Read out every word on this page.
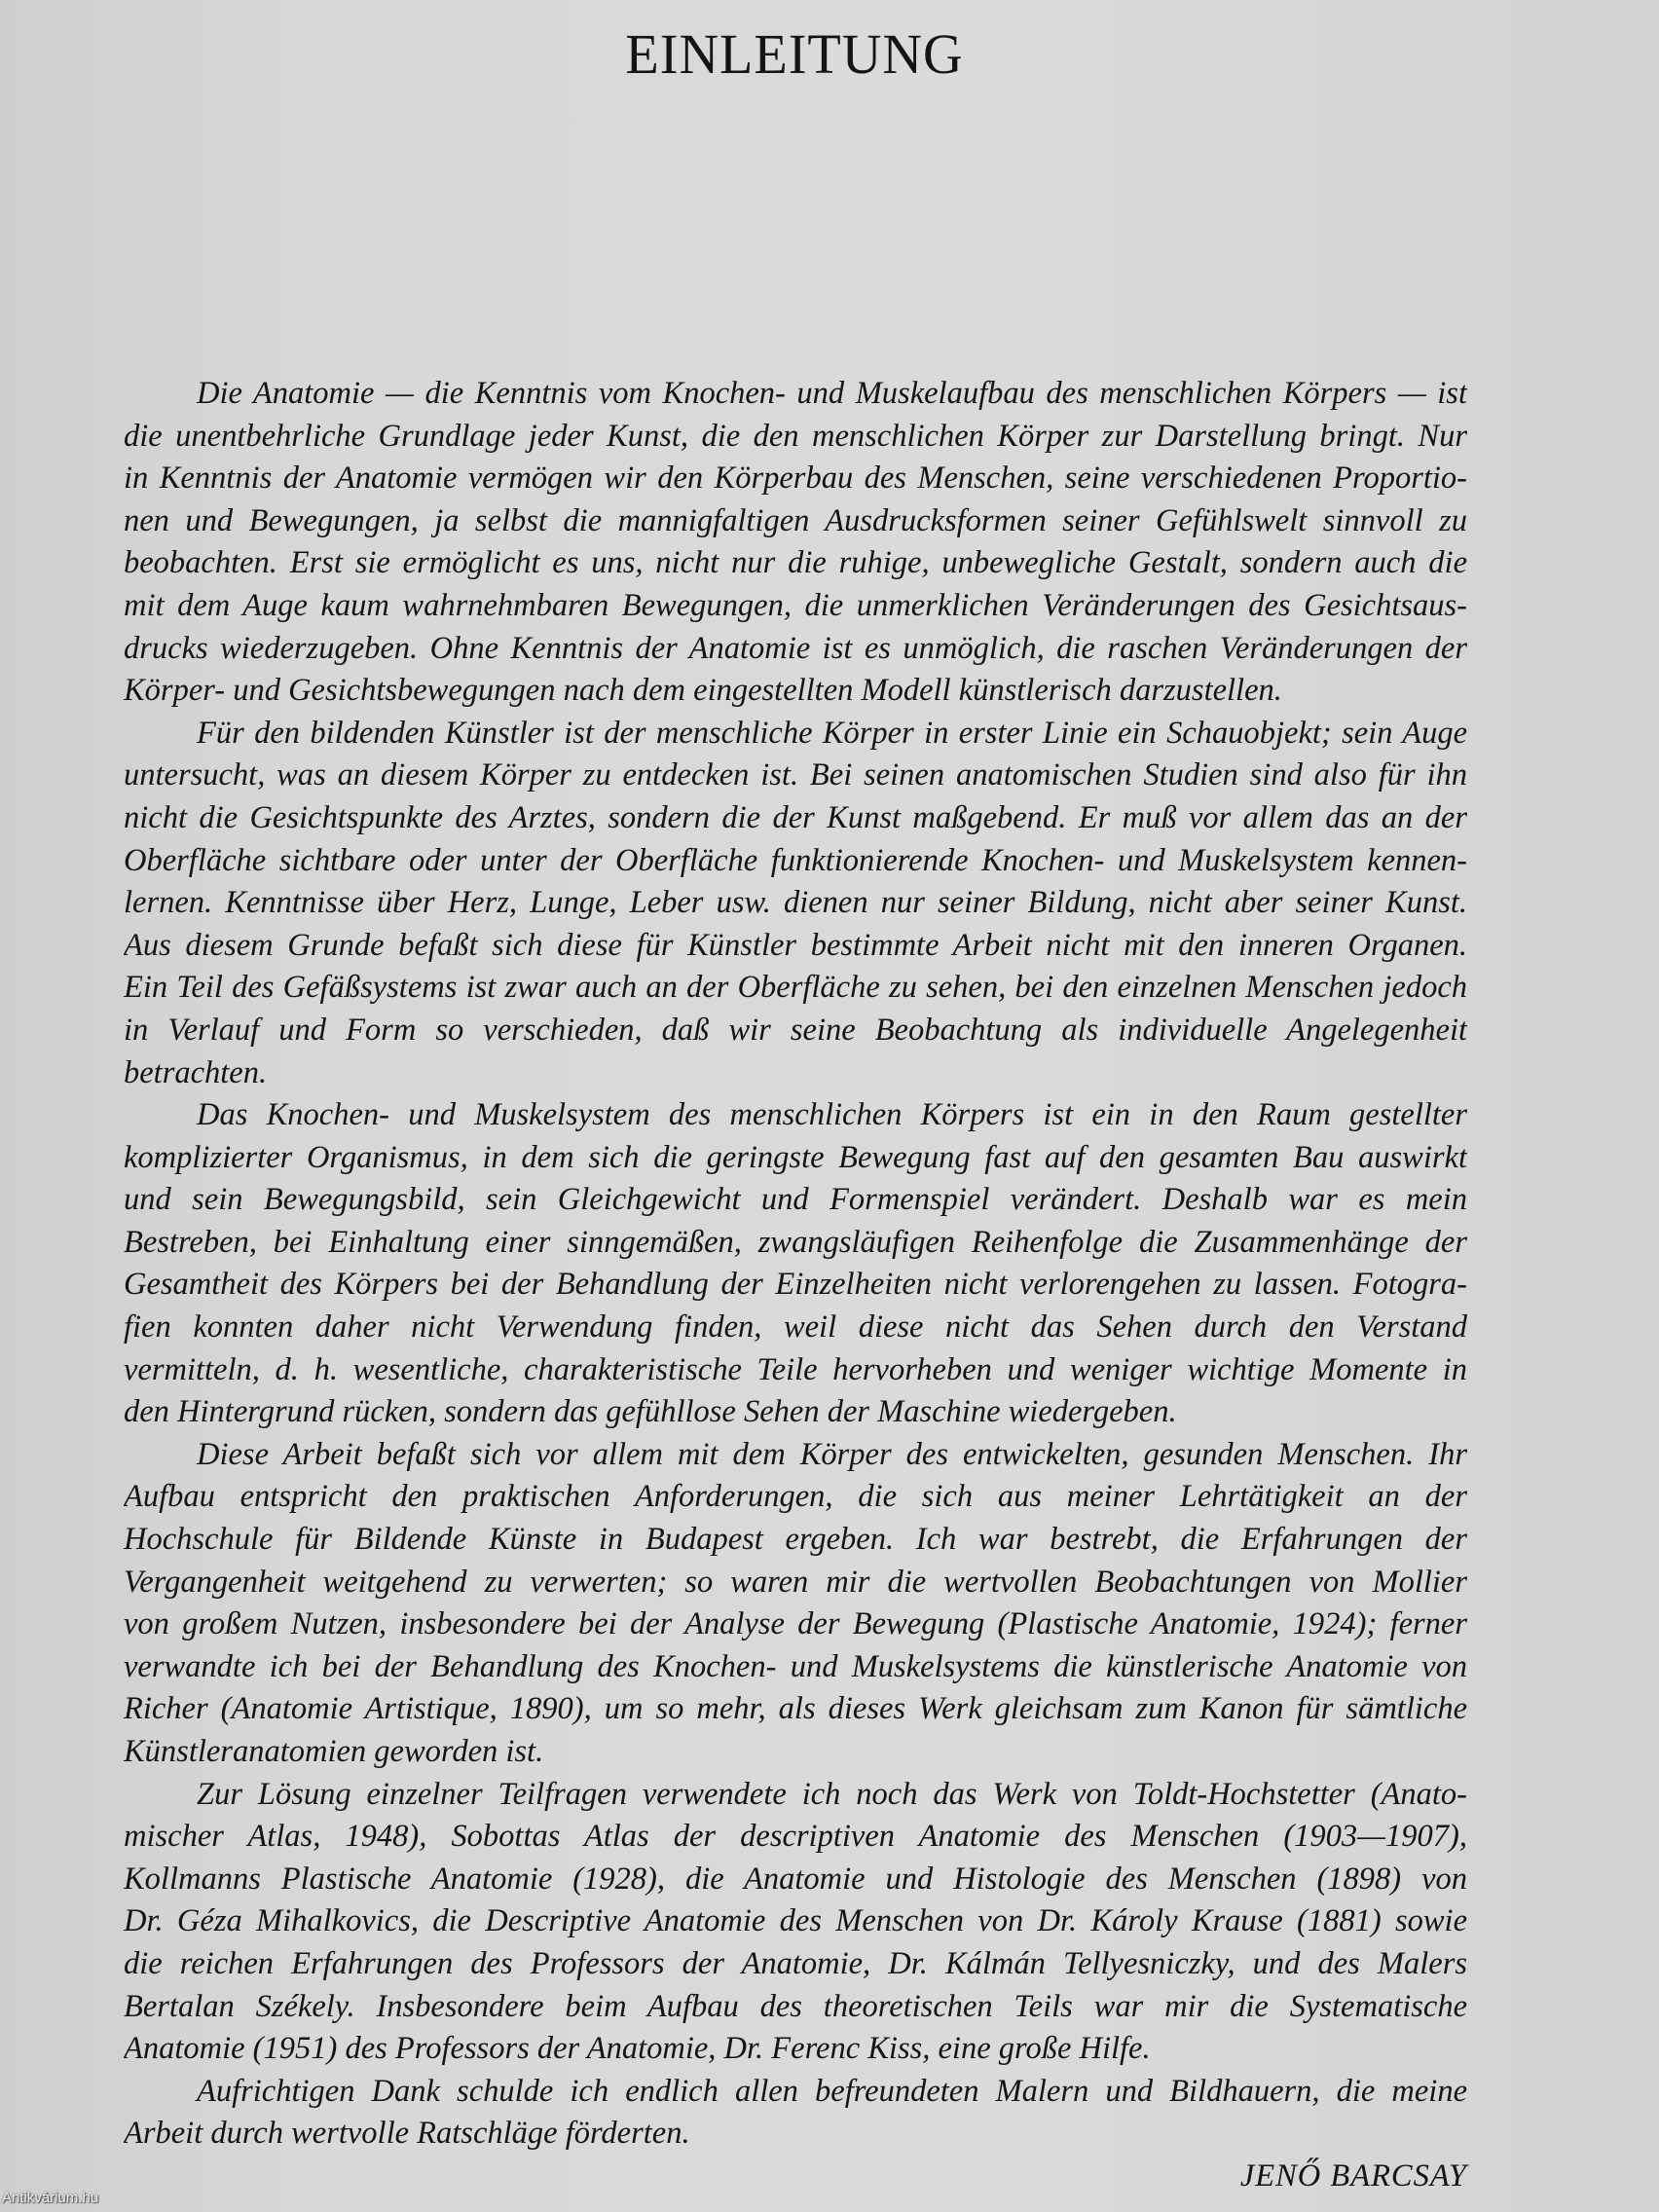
EINLEITUNG
Die Anatomie — die Kenntnis vom Knochen- und Muskelaufbau des menschlichen Körpers — ist
die unentbehrliche Grundlage jeder Kunst, die den menschlichen Körper zur Darstellung bringt. Nur
in Kenntnis der Anatomie vermögen wir den Körperbau des Menschen, seine verschiedenen Proportio-
nen und Bewegungen, ja selbst die mannigfaltigen Ausdrucksformen seiner Gefühlswelt sinnvoll zu
beobachten. Erst sie ermöglicht es uns, nicht nur die ruhige, unbewegliche Gestalt, sondern auch die
mit dem Auge kaum wahrnehmbaren Bewegungen, die unmerklichen Veränderungen des Gesichtsaus-
drucks wiederzugeben. Ohne Kenntnis der Anatomie ist es unmöglich, die raschen Veränderungen der
Körper- und Gesichtsbewegungen nach dem eingestellten Modell künstlerisch darzustellen.
Für den bildenden Künstler ist der menschliche Körper in erster Linie ein Schauobjekt; sein Auge
untersucht, was an diesem Körper zu entdecken ist. Bei seinen anatomischen Studien sind also für ihn
nicht die Gesichtspunkte des Arztes, sondern die der Kunst maßgebend. Er muß vor allem das an der
Oberfläche sichtbare oder unter der Oberfläche funktionierende Knochen- und Muskelsystem kennen-
lernen. Kenntnisse über Herz, Lunge, Leber usw. dienen nur seiner Bildung, nicht aber seiner Kunst.
Aus diesem Grunde befaßt sich diese für Künstler bestimmte Arbeit nicht mit den inneren Organen.
Ein Teil des Gefäßsystems ist zwar auch an der Oberfläche zu sehen, bei den einzelnen Menschen jedoch
in Verlauf und Form so verschieden, daß wir seine Beobachtung als individuelle Angelegenheit
betrachten.
Das Knochen- und Muskelsystem des menschlichen Körpers ist ein in den Raum gestellter
komplizierter Organismus, in dem sich die geringste Bewegung fast auf den gesamten Bau auswirkt
und sein Bewegungsbild, sein Gleichgewicht und Formenspiel verändert. Deshalb war es mein
Bestreben, bei Einhaltung einer sinngemäßen, zwangsläufigen Reihenfolge die Zusammenhänge der
Gesamtheit des Körpers bei der Behandlung der Einzelheiten nicht verlorengehen zu lassen. Fotogra-
fien konnten daher nicht Verwendung finden, weil diese nicht das Sehen durch den Verstand
vermitteln, d. h. wesentliche, charakteristische Teile hervorheben und weniger wichtige Momente in
den Hintergrund rücken, sondern das gefühllose Sehen der Maschine wiedergeben.
Diese Arbeit befaßt sich vor allem mit dem Körper des entwickelten, gesunden Menschen. Ihr
Aufbau entspricht den praktischen Anforderungen, die sich aus meiner Lehrtätigkeit an der
Hochschule für Bildende Künste in Budapest ergeben. Ich war bestrebt, die Erfahrungen der
Vergangenheit weitgehend zu verwerten; so waren mir die wertvollen Beobachtungen von Mollier
von großem Nutzen, insbesondere bei der Analyse der Bewegung (Plastische Anatomie, 1924); ferner
verwandte ich bei der Behandlung des Knochen- und Muskelsystems die künstlerische Anatomie von
Richer (Anatomie Artistique, 1890), um so mehr, als dieses Werk gleichsam zum Kanon für sämtliche
Künstleranatomien geworden ist.
Zur Lösung einzelner Teilfragen verwendete ich noch das Werk von Toldt-Hochstetter (Anato-
mischer Atlas, 1948), Sobottas Atlas der descriptiven Anatomie des Menschen (1903—1907),
Kollmanns Plastische Anatomie (1928), die Anatomie und Histologie des Menschen (1898) von
Dr. Géza Mihalkovics, die Descriptive Anatomie des Menschen von Dr. Károly Krause (1881) sowie
die reichen Erfahrungen des Professors der Anatomie, Dr. Kálmán Tellyesniczky, und des Malers
Bertalan Székely. Insbesondere beim Aufbau des theoretischen Teils war mir die Systematische
Anatomie (1951) des Professors der Anatomie, Dr. Ferenc Kiss, eine große Hilfe.
Aufrichtigen Dank schulde ich endlich allen befreundeten Malern und Bildhauern, die meine
Arbeit durch wertvolle Ratschläge förderten.
JENŐ BARCSAY
Antikvárium.hu
